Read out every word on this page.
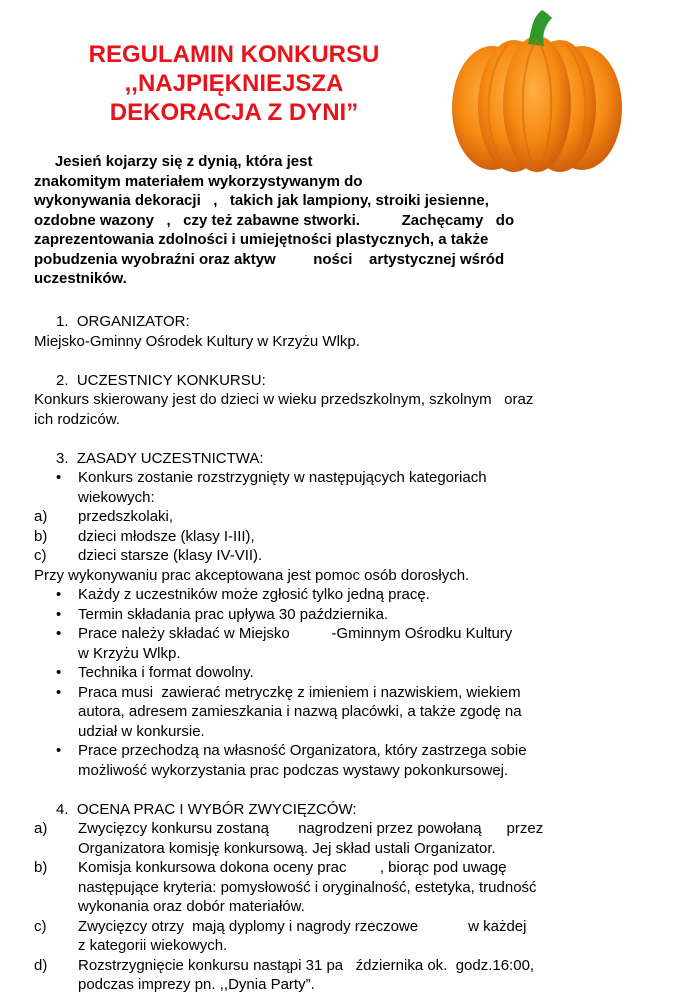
REGULAMIN KONKURSU
,,NAJPIĘKNIEJSZA
DEKORACJA Z DYNI”
Jesień kojarzy się z dynią, która jest
znakomitym materiałem wykorzystywanym do
wykonywania dekoracji   ,   takich jak lampiony, stroiki jesienne,
ozdobne wazony   ,   czy też zabawne stworki.          Zachęcamy   do
zaprezentowania zdolności i umiejętności plastycznych, a także
pobudzenia wyobraźni oraz aktyw         ności    artystycznej wśród
uczestników.
1.  ORGANIZATOR:
Miejsko-Gminny Ośrodek Kultury w Krzyżu Wlkp.
2.  UCZESTNICY KONKURSU:
Konkurs skierowany jest do dzieci w wieku przedszkolnym, szkolnym   oraz
ich rodziców.
3.  ZASADY UCZESTNICTWA:
•	Konkurs zostanie rozstrzygnięty w następujących kategoriach
wiekowych:
a)	przedszkolaki,
b)	dzieci młodsze (klasy I-III),
c)	dzieci starsze (klasy IV-VII).
Przy wykonywaniu prac akceptowana jest pomoc osób dorosłych.
•	Każdy z uczestników może zgłosić tylko jedną pracę.
•	Termin składania prac upływa 30 października.
•	Prace należy składać w Miejsko          -Gminnym Ośrodku Kultury
w Krzyżu Wlkp.
•	Technika i format dowolny.
•	Praca musi  zawierać metryczkę z imieniem i nazwiskiem, wiekiem
autora, adresem zamieszkania i nazwą placówki, a także zgodę na
udział w konkursie.
•	Prace przechodzą na własność Organizatora, który zastrzega sobie
możliwość wykorzystania prac podczas wystawy pokonkursowej.
4.  OCENA PRAC I WYBÓR ZWYCIĘZCÓW:
a)	Zwycięzcy konkursu zostaną       nagrodzeni przez powołaną      przez
Organizatora komisję konkursową. Jej skład ustali Organizator.
b)	Komisja konkursowa dokona oceny prac        , biorąc pod uwagę
następujące kryteria: pomysłowość i oryginalność, estetyka, trudność
wykonania oraz dobór materiałów.
c)	Zwycięzcy otrzy  mają dyplomy i nagrody rzeczowe            w każdej
z kategorii wiekowych.
d)	Rozstrzygnięcie konkursu nastąpi 31 pa   ździernika ok.  godz.16:00,
podczas imprezy pn. ,,Dynia Party”.
